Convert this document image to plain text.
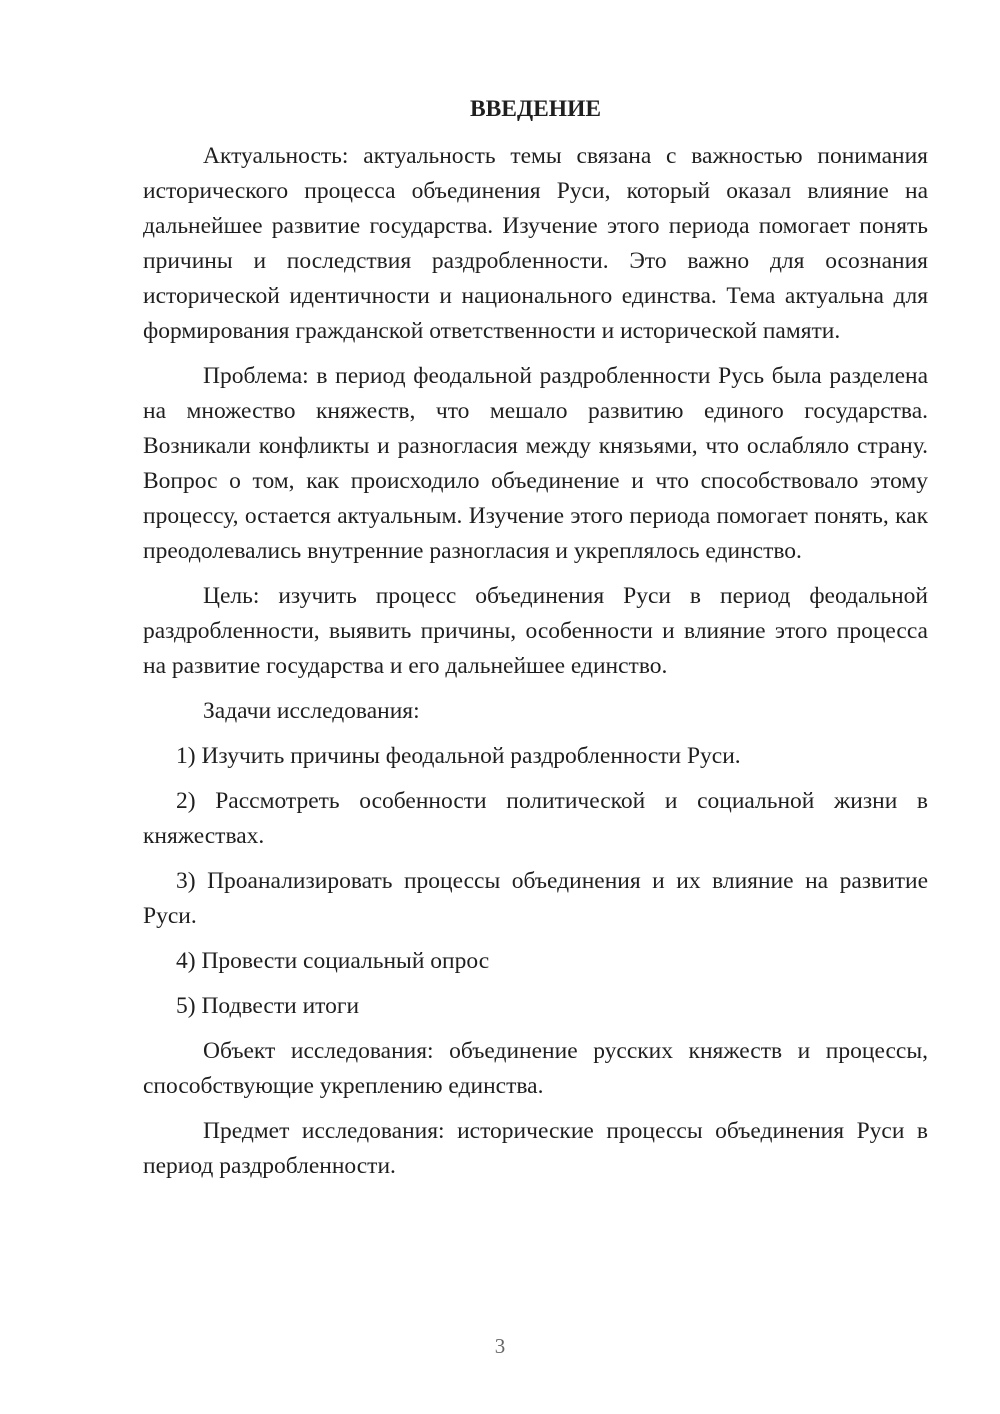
ВВЕДЕНИЕ

Актуальность: актуальность темы связана с важностью понимания исторического процесса объединения Руси, который оказал влияние на дальнейшее развитие государства. Изучение этого периода помогает понять причины и последствия раздробленности. Это важно для осознания исторической идентичности и национального единства. Тема актуальна для формирования гражданской ответственности и исторической памяти.

Проблема: в период феодальной раздробленности Русь была разделена на множество княжеств, что мешало развитию единого государства. Возникали конфликты и разногласия между князьями, что ослабляло страну. Вопрос о том, как происходило объединение и что способствовало этому процессу, остается актуальным. Изучение этого периода помогает понять, как преодолевались внутренние разногласия и укреплялось единство.

Цель: изучить процесс объединения Руси в период феодальной раздробленности, выявить причины, особенности и влияние этого процесса на развитие государства и его дальнейшее единство.

Задачи исследования:

1) Изучить причины феодальной раздробленности Руси.

2) Рассмотреть особенности политической и социальной жизни в княжествах.

3) Проанализировать процессы объединения и их влияние на развитие Руси.

4) Провести социальный опрос

5) Подвести итоги

Объект исследования: объединение русских княжеств и процессы, способствующие укреплению единства.

Предмет исследования: исторические процессы объединения Руси в период раздробленности.

3
